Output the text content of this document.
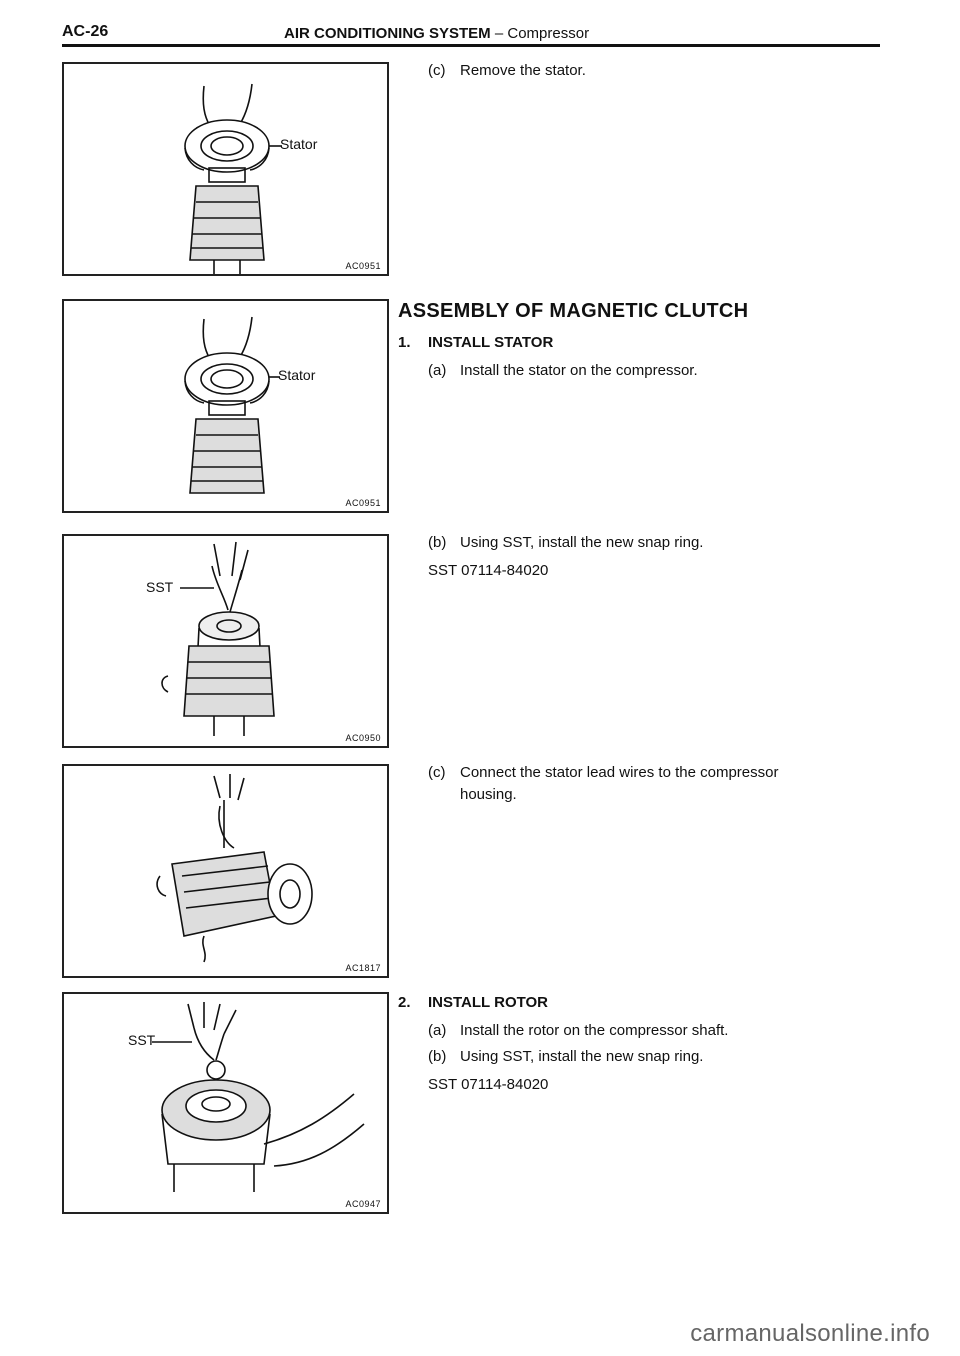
AC-26	AIR CONDITIONING SYSTEM – Compressor
Stator
AC0951
Stator
AC0951
SST
AC0950
AC1817
SST
AC0947
(c) Remove the stator.
ASSEMBLY OF MAGNETIC CLUTCH
1. INSTALL STATOR
(a) Install the stator on the compressor.
(b) Using SST, install the new snap ring.
SST 07114-84020
(c) Connect the stator lead wires to the compressor
housing.
2. INSTALL ROTOR
(a) Install the rotor on the compressor shaft.
(b) Using SST, install the new snap ring.
SST 07114-84020
carmanualsonline.info
